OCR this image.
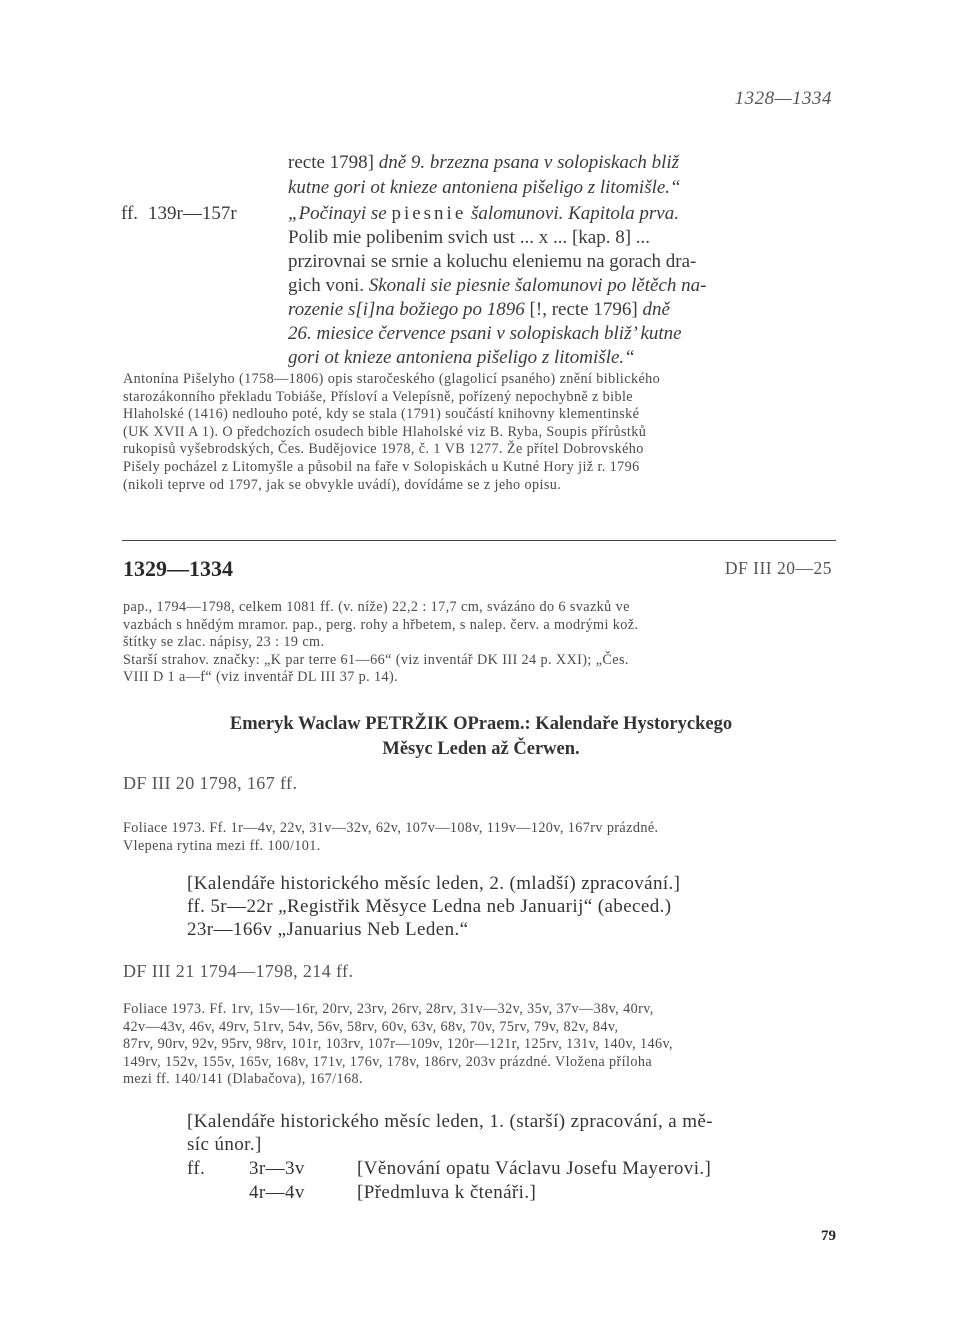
1328—1334
recte 1798] dně 9. brzezna psana v solopiskach bliž
kutne gori ot knieze antoniena pišeligo z litomišle.“
ff. 139r—157r	„Počinayi se piesnie šalomunovi. Kapitola prva.
Polib mie polibenim svich ust ... x ... [kap. 8] ...
przirovnai se srnie a koluchu eleniemu na gorach dra-
gich voni. Skonali sie piesnie šalomunovi po lětěch na-
rozenie s[i]na božiego po 1896 [!, recte 1796] dně
26. miesice července psani v solopiskach bliž’ kutne
gori ot knieze antoniena pišeligo z litomišle.“
Antonína Pišelyho (1758—1806) opis staročeského (glagolicí psaného) znění biblického
starozákonního překladu Tobiáše, Přísloví a Velepísně, pořízený nepochybně z bible
Hlaholské (1416) nedlouho poté, kdy se stala (1791) součástí knihovny klementinské
(UK XVII A 1). O předchozích osudech bible Hlaholské viz B. Ryba, Soupis přírůstků
rukopisů vyšebrodských, Čes. Budějovice 1978, č. 1 VB 1277. Že přítel Dobrovského
Pišely pocházel z Litomyšle a působil na faře v Solopiskách u Kutné Hory již r. 1796
(nikoli teprve od 1797, jak se obvykle uvádí), dovídáme se z jeho opisu.
1329—1334	DF III 20—25
pap., 1794—1798, celkem 1081 ff. (v. níže) 22,2 : 17,7 cm, svázáno do 6 svazků ve
vazbách s hnědým mramor. pap., perg. rohy a hřbetem, s nalep. červ. a modrými kož.
štítky se zlac. nápisy, 23 : 19 cm.
Starší strahov. značky: „K par terre 61—66“ (viz inventář DK III 24 p. XXI); „Čes.
VIII D 1 a—f“ (viz inventář DL III 37 p. 14).
Emeryk Waclaw PETRŽIK OPraem.: Kalendaře Hystoryckego
Měsyc Leden až Čerwen.
DF III 20 1798, 167 ff.
Foliace 1973. Ff. 1r—4v, 22v, 31v—32v, 62v, 107v—108v, 119v—120v, 167rv prázdné.
Vlepena rytina mezi ff. 100/101.
[Kalendáře historického měsíc leden, 2. (mladší) zpracování.]
ff. 5r—22r „Registřik Měsyce Ledna neb Januarij“ (abeced.)
23r—166v „Januarius Neb Leden.“
DF III 21 1794—1798, 214 ff.
Foliace 1973. Ff. 1rv, 15v—16r, 20rv, 23rv, 26rv, 28rv, 31v—32v, 35v, 37v—38v, 40rv,
42v—43v, 46v, 49rv, 51rv, 54v, 56v, 58rv, 60v, 63v, 68v, 70v, 75rv, 79v, 82v, 84v,
87rv, 90rv, 92v, 95rv, 98rv, 101r, 103rv, 107r—109v, 120r—121r, 125rv, 131v, 140v, 146v,
149rv, 152v, 155v, 165v, 168v, 171v, 176v, 178v, 186rv, 203v prázdné. Vložena příloha
mezi ff. 140/141 (Dlabačova), 167/168.
[Kalendáře historického měsíc leden, 1. (starší) zpracování, a mě-
síc únor.]
ff. 3r—3v	[Věnování opatu Václavu Josefu Mayerovi.]
4r—4v	[Předmluva k čtenáři.]
79
